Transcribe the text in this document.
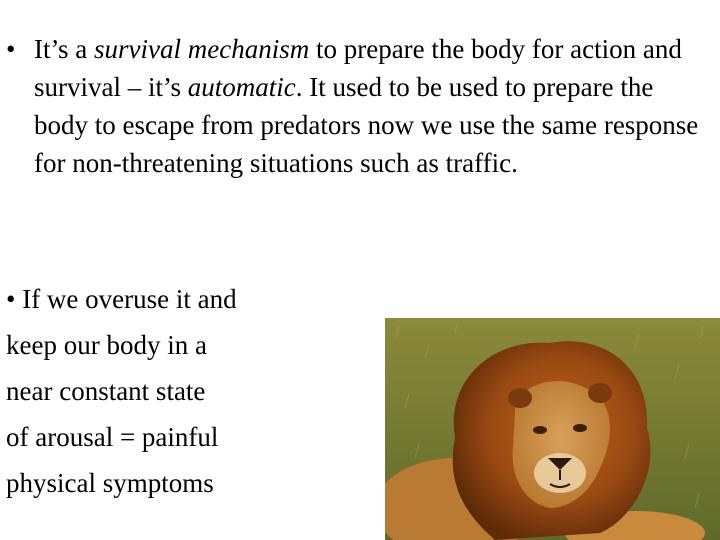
• It’s a survival mechanism to prepare the body for action and survival – it’s automatic. It used to be used to prepare the body to escape from predators now we use the same response for non-threatening situations such as traffic.
• If we overuse it and
keep our body in a
near constant state
of arousal = painful
physical symptoms
